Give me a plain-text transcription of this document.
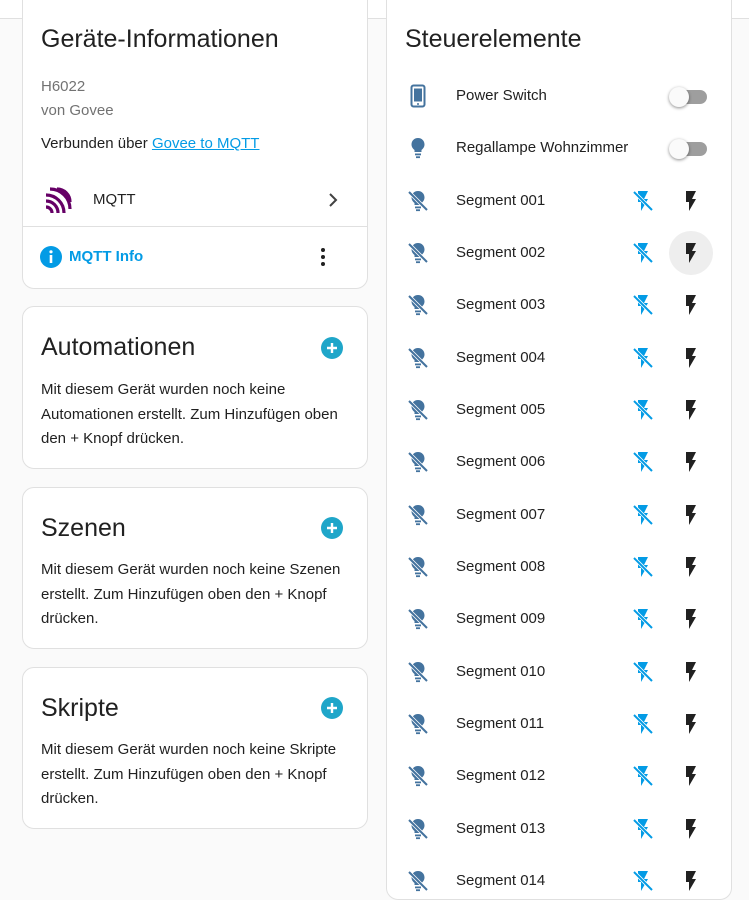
Geräte-Informationen
H6022
von Govee
Verbunden über Govee to MQTT
MQTT
MQTT Info
Automationen
Mit diesem Gerät wurden noch keine Automationen erstellt. Zum Hinzufügen oben den + Knopf drücken.
Szenen
Mit diesem Gerät wurden noch keine Szenen erstellt. Zum Hinzufügen oben den + Knopf drücken.
Skripte
Mit diesem Gerät wurden noch keine Skripte erstellt. Zum Hinzufügen oben den + Knopf drücken.
Steuerelemente
Power Switch
Regallampe Wohnzimmer
Segment 001
Segment 002
Segment 003
Segment 004
Segment 005
Segment 006
Segment 007
Segment 008
Segment 009
Segment 010
Segment 011
Segment 012
Segment 013
Segment 014
